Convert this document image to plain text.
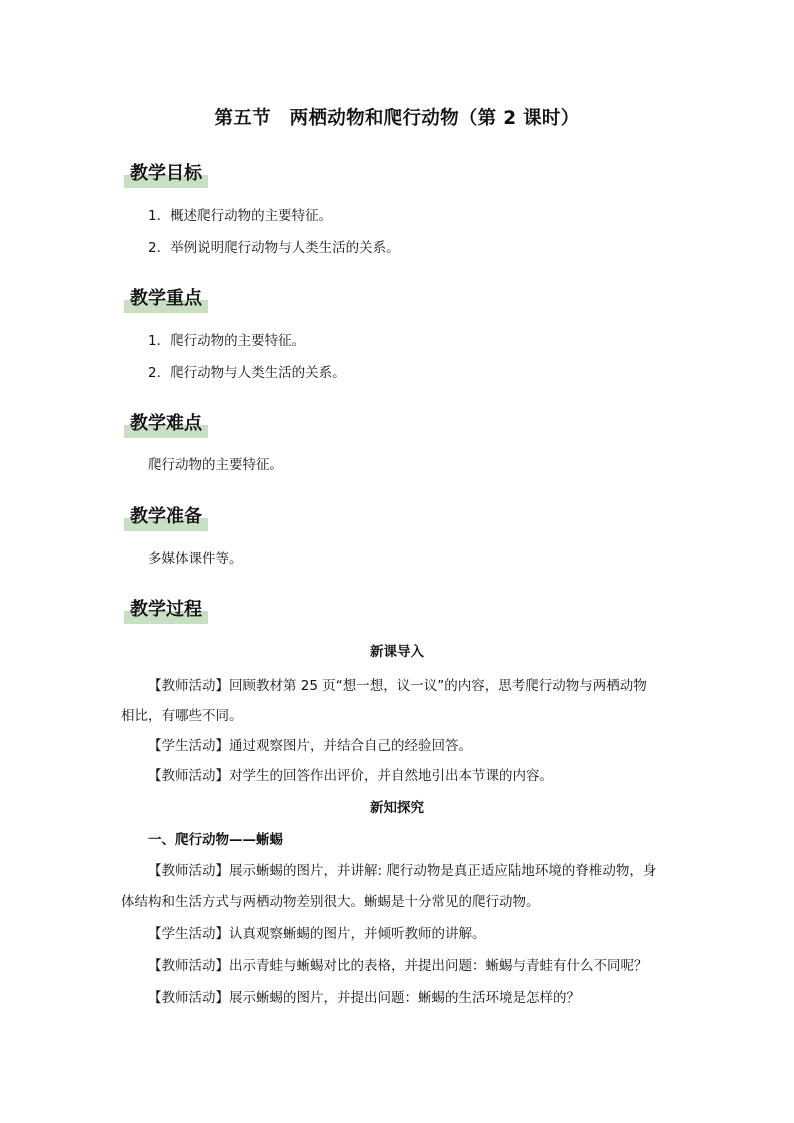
第五节　两栖动物和爬行动物（第 2 课时）
教学目标
1．概述爬行动物的主要特征。
2．举例说明爬行动物与人类生活的关系。
教学重点
1．爬行动物的主要特征。
2．爬行动物与人类生活的关系。
教学难点
爬行动物的主要特征。
教学准备
多媒体课件等。
教学过程
新课导入
【教师活动】回顾教材第 25 页“想一想，议一议”的内容，思考爬行动物与两栖动物
相比，有哪些不同。
【学生活动】通过观察图片，并结合自己的经验回答。
【教师活动】对学生的回答作出评价，并自然地引出本节课的内容。
新知探究
一、爬行动物——蜥蜴
【教师活动】展示蜥蜴的图片，并讲解: 爬行动物是真正适应陆地环境的脊椎动物，身
体结构和生活方式与两栖动物差别很大。蜥蜴是十分常见的爬行动物。
【学生活动】认真观察蜥蜴的图片，并倾听教师的讲解。
【教师活动】出示青蛙与蜥蜴对比的表格，并提出问题：蜥蜴与青蛙有什么不同呢？
【教师活动】展示蜥蜴的图片，并提出问题：蜥蜴的生活环境是怎样的？
